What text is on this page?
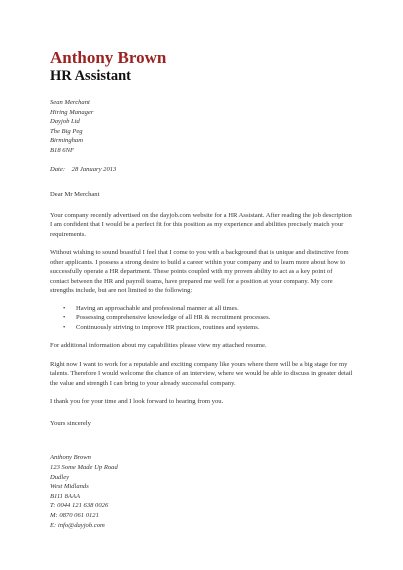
Anthony Brown
HR Assistant
Sean Merchant
Hiring Manager
Dayjob Ltd
The Big Peg
Birmingham
B18 6NF
Date: 28 January 2013
Dear Mr Merchant

Your company recently advertised on the dayjob.com website for a HR Assistant. After reading the job description I am confident that I would be a perfect fit for this position as my experience and abilities precisely match your requirements.

Without wishing to sound boastful I feel that I come to you with a background that is unique and distinctive from other applicants. I possess a strong desire to build a career within your company and to learn more about how to successfully operate a HR department. These points coupled with my proven ability to act as a key point of contact between the HR and payroll teams, have prepared me well for a position at your company. My core strengths include, but are not limited to the following:

• Having an approachable and professional manner at all times.
• Possessing comprehensive knowledge of all HR & recruitment processes.
• Continuously striving to improve HR practices, routines and systems.

For additional information about my capabilities please view my attached resume.

Right now I want to work for a reputable and exciting company like yours where there will be a big stage for my talents. Therefore I would welcome the chance of an interview, where we would be able to discuss in greater detail the value and strength I can bring to your already successful company.

I thank you for your time and I look forward to hearing from you.

Yours sincerely
Anthony Brown
123 Some Made Up Road
Dudley
West Midlands
B111 8AAA
T: 0044 121 638 0026
M: 0870 061 0121
E: info@dayjob.com
